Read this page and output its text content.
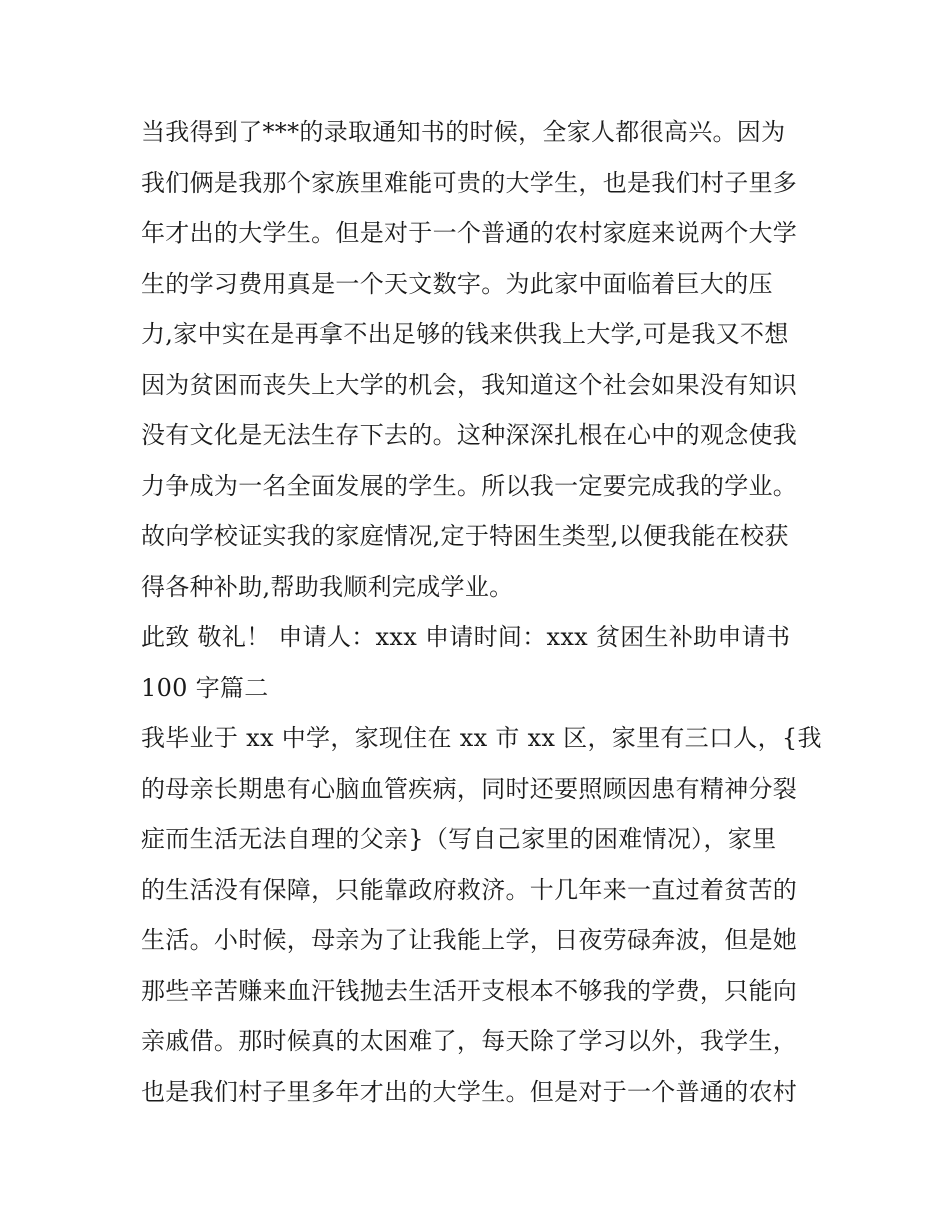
当我得到了***的录取通知书的时候，全家人都很高兴。因为
我们俩是我那个家族里难能可贵的大学生，也是我们村子里多
年才出的大学生。但是对于一个普通的农村家庭来说两个大学
生的学习费用真是一个天文数字。为此家中面临着巨大的压
力,家中实在是再拿不出足够的钱来供我上大学,可是我又不想
因为贫困而丧失上大学的机会，我知道这个社会如果没有知识
没有文化是无法生存下去的。这种深深扎根在心中的观念使我
力争成为一名全面发展的学生。所以我一定要完成我的学业。
故向学校证实我的家庭情况,定于特困生类型,以便我能在校获
得各种补助,帮助我顺利完成学业。
此致 敬礼！ 申请人：xxx 申请时间：xxx 贫困生补助申请书
100 字篇二
我毕业于 xx 中学，家现住在 xx 市 xx 区，家里有三口人，{我
的母亲长期患有心脑血管疾病，同时还要照顾因患有精神分裂
症而生活无法自理的父亲}（写自己家里的困难情况），家里
的生活没有保障，只能靠政府救济。十几年来一直过着贫苦的
生活。小时候，母亲为了让我能上学，日夜劳碌奔波，但是她
那些辛苦赚来血汗钱抛去生活开支根本不够我的学费，只能向
亲戚借。那时候真的太困难了，每天除了学习以外，我学生，
也是我们村子里多年才出的大学生。但是对于一个普通的农村
